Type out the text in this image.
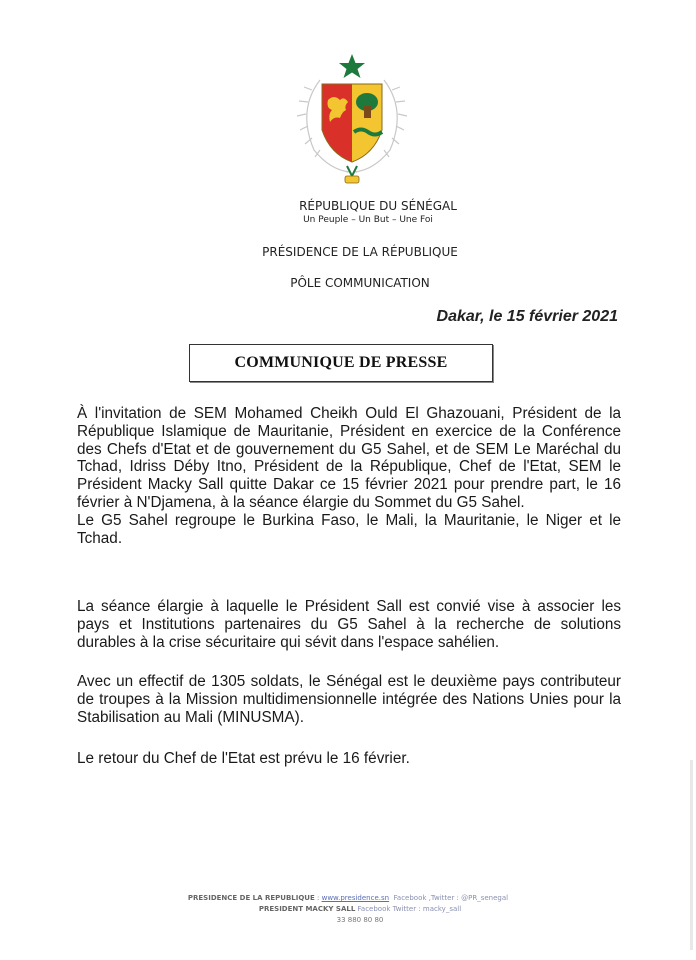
· · · ·
RÉPUBLIQUE DU SÉNÉGAL
Un Peuple – Un But – Une Foi
PRÉSIDENCE DE LA RÉPUBLIQUE
PÔLE COMMUNICATION
Dakar, le 15 février 2021
COMMUNIQUE DE PRESSE

À l'invitation de SEM Mohamed Cheikh Ould El Ghazouani, Président de la République Islamique de Mauritanie, Président en exercice de la Conférence des Chefs d'Etat et de gouvernement du G5 Sahel, et de SEM Le Maréchal du Tchad, Idriss Déby Itno, Président de la République, Chef de l'Etat, SEM le Président Macky Sall quitte Dakar ce 15 février 2021 pour prendre part, le 16 février à N'Djamena, à la séance élargie du Sommet du G5 Sahel.

Le G5 Sahel regroupe le Burkina Faso, le Mali, la Mauritanie, le Niger et le Tchad.

La séance élargie à laquelle le Président Sall est convié vise à associer les pays et Institutions partenaires du G5 Sahel à la recherche de solutions durables à la crise sécuritaire qui sévit dans l'espace sahélien.

Avec un effectif de 1305 soldats, le Sénégal est le deuxième pays contributeur de troupes à la Mission multidimensionnelle intégrée des Nations Unies pour la Stabilisation au Mali (MINUSMA).

Le retour du Chef de l'Etat est prévu le 16 février.

PRESIDENCE DE LA REPUBLIQUE : www.presidence.sn Facebook ,Twitter : @PR_senegal
PRESIDENT MACKY SALL Facebook Twitter : macky_sall
33 880 80 80
